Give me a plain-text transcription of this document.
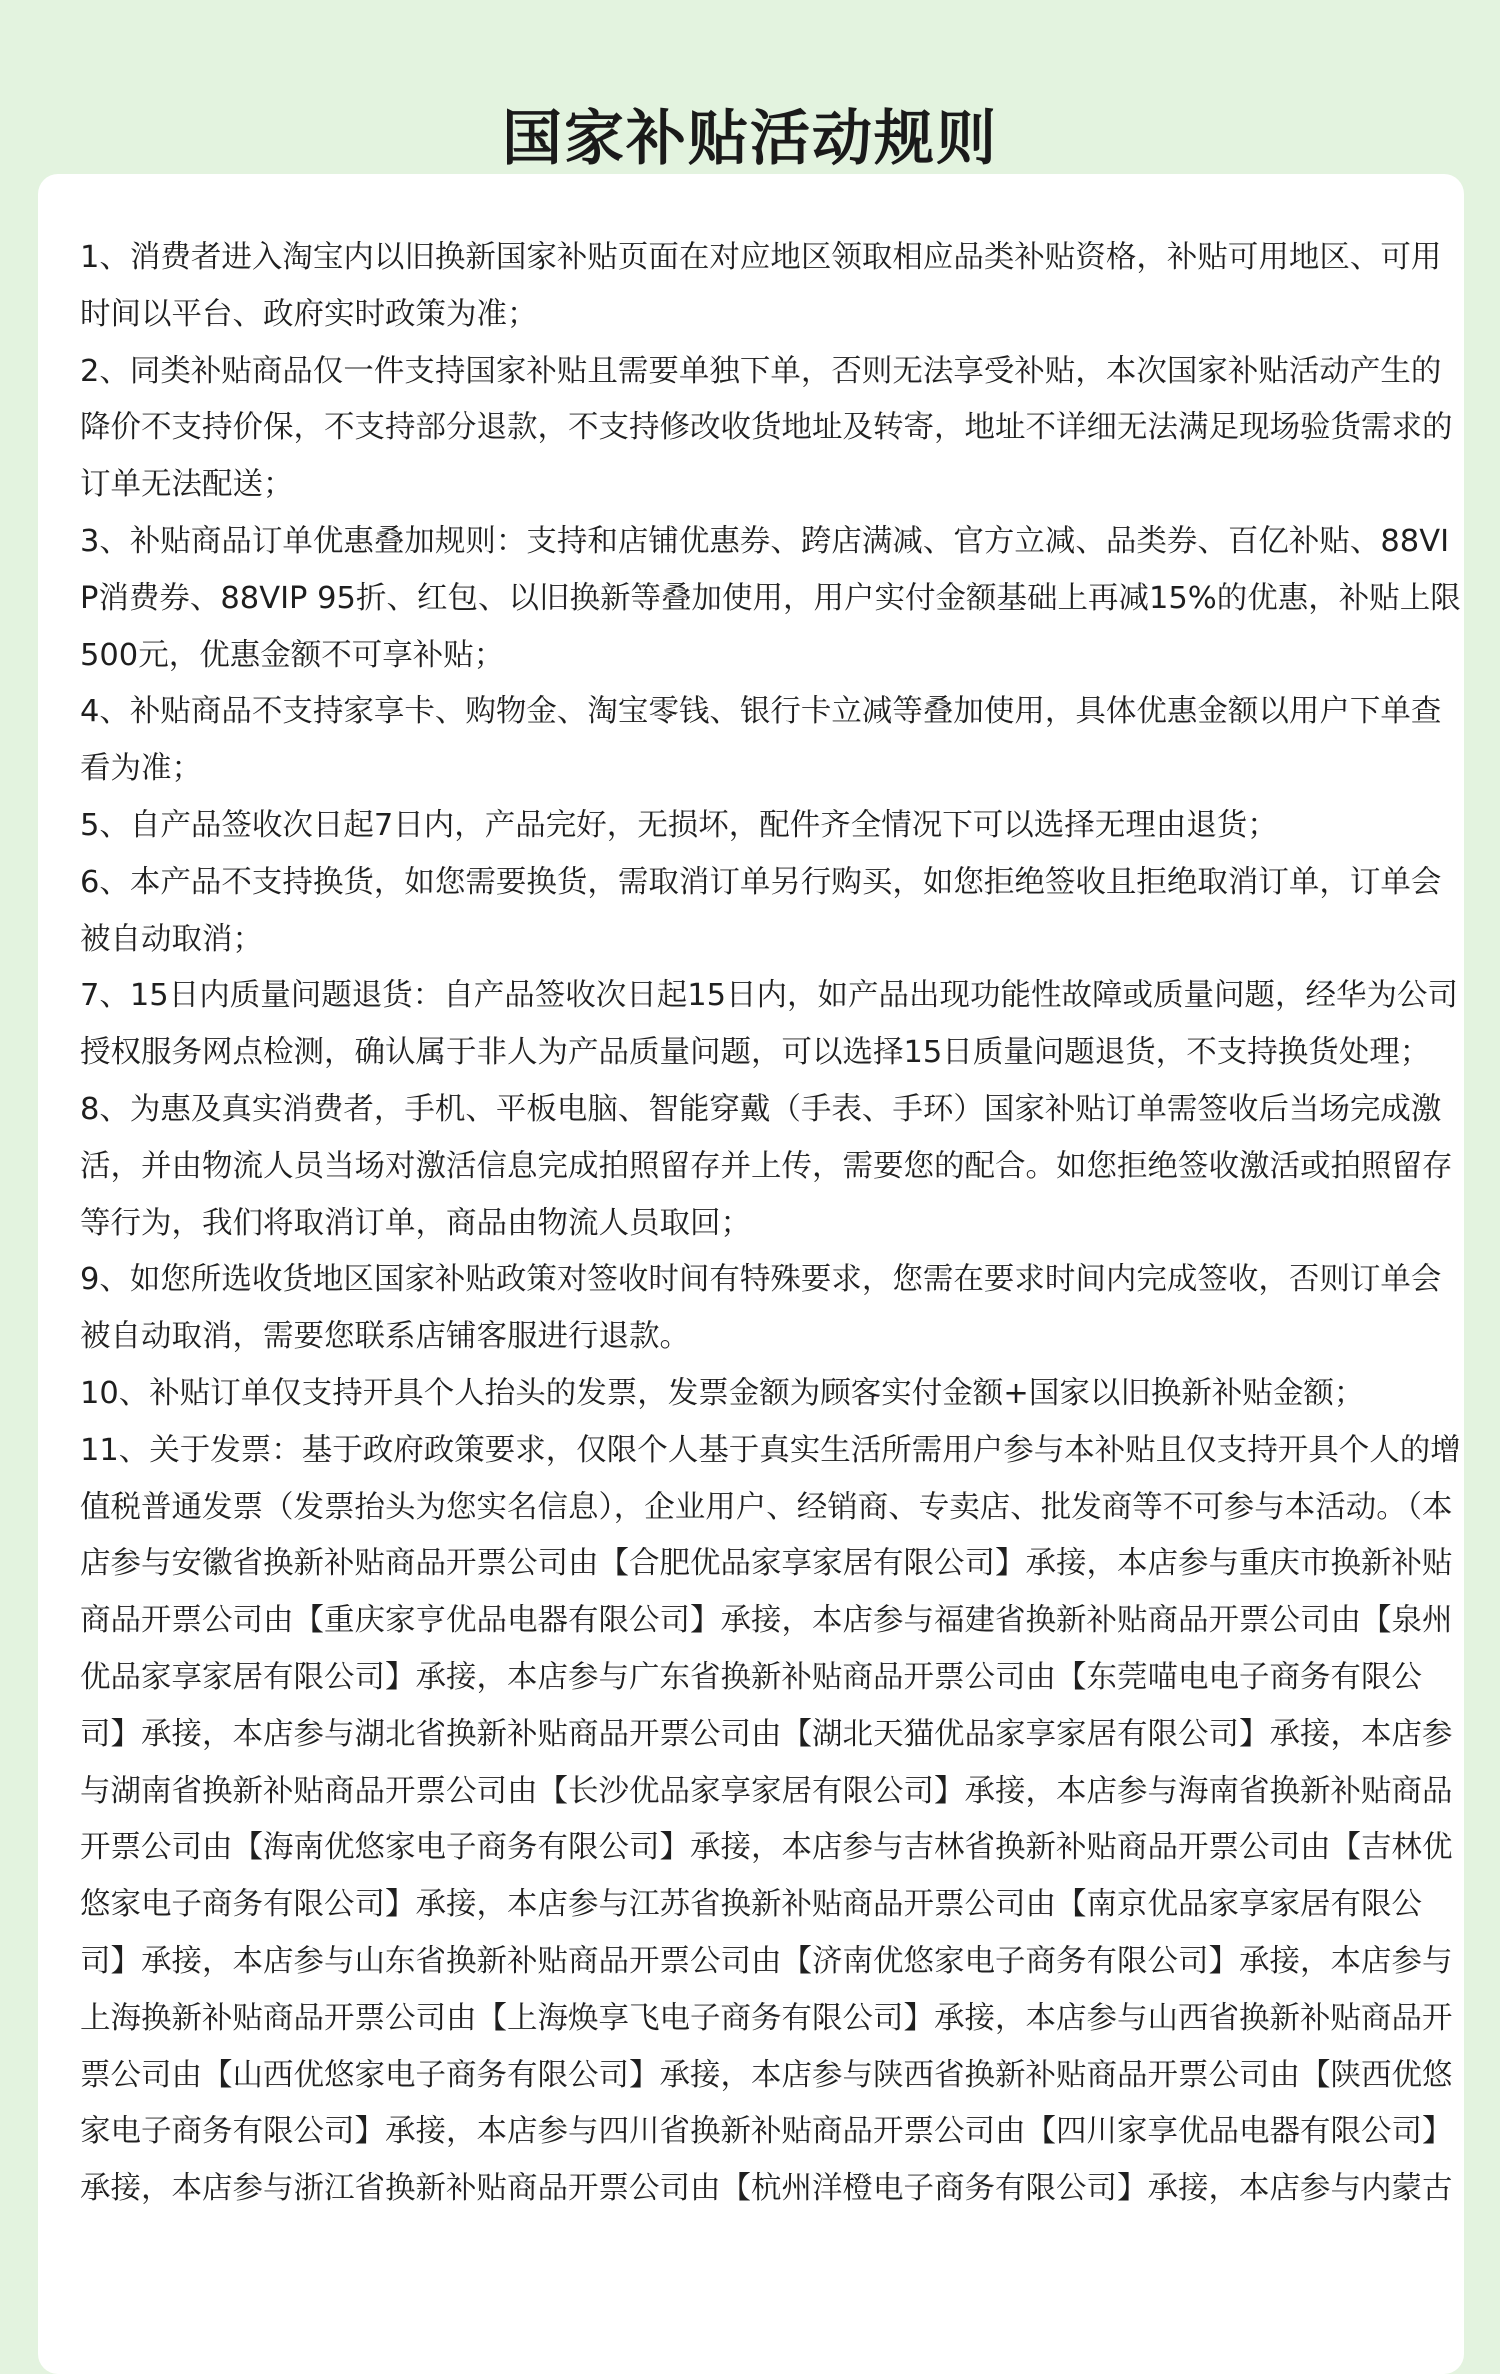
国家补贴活动规则
1、消费者进入淘宝内以旧换新国家补贴页面在对应地区领取相应品类补贴资格，补贴可用地区、可用时间以平台、政府实时政策为准；
2、同类补贴商品仅一件支持国家补贴且需要单独下单，否则无法享受补贴，本次国家补贴活动产生的降价不支持价保，不支持部分退款，不支持修改收货地址及转寄，地址不详细无法满足现场验货需求的订单无法配送；
3、补贴商品订单优惠叠加规则：支持和店铺优惠券、跨店满减、官方立减、品类券、百亿补贴、88VIP消费券、88VIP 95折、红包、以旧换新等叠加使用，用户实付金额基础上再减15%的优惠，补贴上限500元，优惠金额不可享补贴；
4、补贴商品不支持家享卡、购物金、淘宝零钱、银行卡立减等叠加使用，具体优惠金额以用户下单查看为准；
5、自产品签收次日起7日内，产品完好，无损坏，配件齐全情况下可以选择无理由退货；
6、本产品不支持换货，如您需要换货，需取消订单另行购买，如您拒绝签收且拒绝取消订单，订单会被自动取消；
7、15日内质量问题退货：自产品签收次日起15日内，如产品出现功能性故障或质量问题，经华为公司授权服务网点检测，确认属于非人为产品质量问题，可以选择15日质量问题退货，不支持换货处理；
8、为惠及真实消费者，手机、平板电脑、智能穿戴（手表、手环）国家补贴订单需签收后当场完成激活，并由物流人员当场对激活信息完成拍照留存并上传，需要您的配合。如您拒绝签收激活或拍照留存等行为，我们将取消订单，商品由物流人员取回；
9、如您所选收货地区国家补贴政策对签收时间有特殊要求，您需在要求时间内完成签收，否则订单会被自动取消，需要您联系店铺客服进行退款。
10、补贴订单仅支持开具个人抬头的发票，发票金额为顾客实付金额+国家以旧换新补贴金额；
11、关于发票：基于政府政策要求，仅限个人基于真实生活所需用户参与本补贴且仅支持开具个人的增值税普通发票（发票抬头为您实名信息），企业用户、经销商、专卖店、批发商等不可参与本活动。（本店参与安徽省换新补贴商品开票公司由【合肥优品家享家居有限公司】承接，本店参与重庆市换新补贴商品开票公司由【重庆家亨优品电器有限公司】承接，本店参与福建省换新补贴商品开票公司由【泉州优品家享家居有限公司】承接，本店参与广东省换新补贴商品开票公司由【东莞喵电电子商务有限公司】承接，本店参与湖北省换新补贴商品开票公司由【湖北天猫优品家享家居有限公司】承接，本店参与湖南省换新补贴商品开票公司由【长沙优品家享家居有限公司】承接，本店参与海南省换新补贴商品开票公司由【海南优悠家电子商务有限公司】承接，本店参与吉林省换新补贴商品开票公司由【吉林优悠家电子商务有限公司】承接，本店参与江苏省换新补贴商品开票公司由【南京优品家享家居有限公司】承接，本店参与山东省换新补贴商品开票公司由【济南优悠家电子商务有限公司】承接，本店参与上海换新补贴商品开票公司由【上海焕享飞电子商务有限公司】承接，本店参与山西省换新补贴商品开票公司由【山西优悠家电子商务有限公司】承接，本店参与陕西省换新补贴商品开票公司由【陕西优悠家电子商务有限公司】承接，本店参与四川省换新补贴商品开票公司由【四川家享优品电器有限公司】承接，本店参与浙江省换新补贴商品开票公司由【杭州洋橙电子商务有限公司】承接，本店参与内蒙古
